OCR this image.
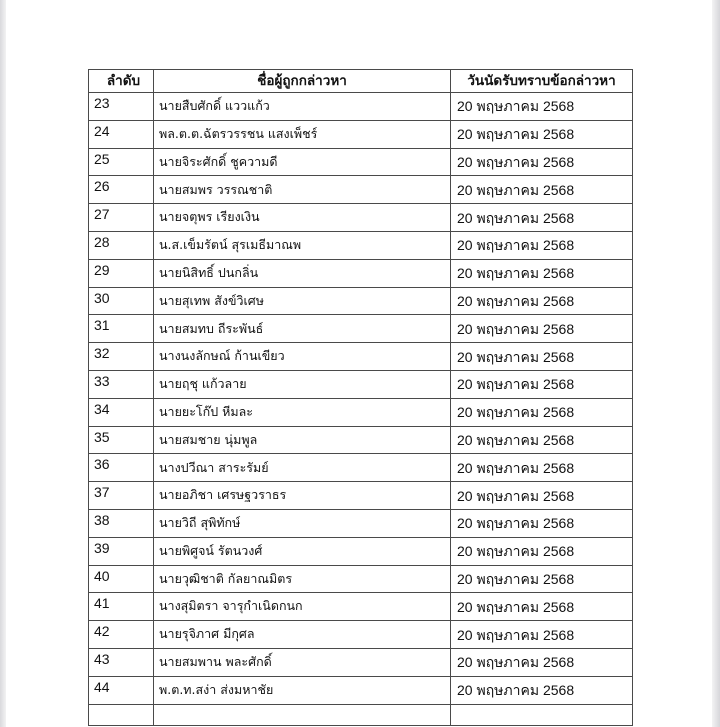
ลำดับ	ชื่อผู้ถูกกล่าวหา	วันนัดรับทราบข้อกล่าวหา
23	นายสืบศักดิ์ แววแก้ว	20 พฤษภาคม 2568
24	พล.ต.ต.ฉัตรวรรชน แสงเพ็ชร์	20 พฤษภาคม 2568
25	นายจิระศักดิ์ ชูความดี	20 พฤษภาคม 2568
26	นายสมพร วรรณชาติ	20 พฤษภาคม 2568
27	นายจตุพร เรียงเงิน	20 พฤษภาคม 2568
28	น.ส.เข็มรัตน์ สุรเมธีมาณพ	20 พฤษภาคม 2568
29	นายนิสิทธิ์ ปนกลิ่น	20 พฤษภาคม 2568
30	นายสุเทพ สังข์วิเศษ	20 พฤษภาคม 2568
31	นายสมทบ ถีระพันธ์	20 พฤษภาคม 2568
32	นางนงลักษณ์ ก้านเขียว	20 พฤษภาคม 2568
33	นายฤชุ แก้วลาย	20 พฤษภาคม 2568
34	นายยะโก๊ป หีมละ	20 พฤษภาคม 2568
35	นายสมชาย นุ่มพูล	20 พฤษภาคม 2568
36	นางปวีณา สาระรัมย์	20 พฤษภาคม 2568
37	นายอภิชา เศรษฐวราธร	20 พฤษภาคม 2568
38	นายวิถี สุพิทักษ์	20 พฤษภาคม 2568
39	นายพิศูจน์ รัตนวงศ์	20 พฤษภาคม 2568
40	นายวุฒิชาติ กัลยาณมิตร	20 พฤษภาคม 2568
41	นางสุมิตรา จารุกำเนิดกนก	20 พฤษภาคม 2568
42	นายรุจิภาศ มีกุศล	20 พฤษภาคม 2568
43	นายสมพาน พละศักดิ์	20 พฤษภาคม 2568
44	พ.ต.ท.สง่า ส่งมหาชัย	20 พฤษภาคม 2568
